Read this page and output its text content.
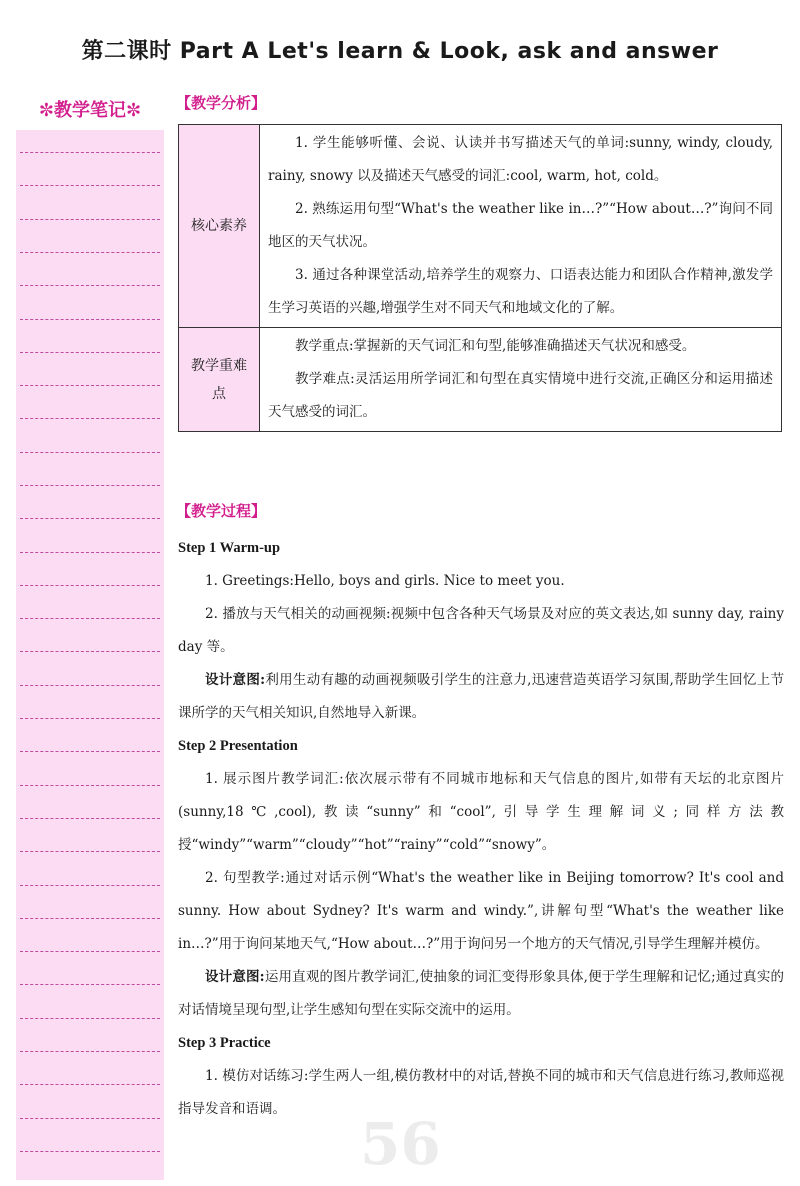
第二课时 Part A Let's learn & Look, ask and answer
✼教学笔记✼	【教学分析】
核心素养	1. 学生能够听懂、会说、认读并书写描述天气的单词:sunny, windy, cloudy, rainy, snowy 以及描述天气感受的词汇:cool, warm, hot, cold。

2. 熟练运用句型“What's the weather like in…?”“How about…?”询问不同地区的天气状况。

3. 通过各种课堂活动,培养学生的观察力、口语表达能力和团队合作精神,激发学生学习英语的兴趣,增强学生对不同天气和地域文化的了解。

教学重难点	教学重点:掌握新的天气词汇和句型,能够准确描述天气状况和感受。

教学难点:灵活运用所学词汇和句型在真实情境中进行交流,正确区分和运用描述天气感受的词汇。

【教学过程】

Step 1 Warm-up

1. Greetings:Hello, boys and girls. Nice to meet you.

2. 播放与天气相关的动画视频:视频中包含各种天气场景及对应的英文表达,如 sunny day, rainy day 等。

设计意图:利用生动有趣的动画视频吸引学生的注意力,迅速营造英语学习氛围,帮助学生回忆上节课所学的天气相关知识,自然地导入新课。

Step 2 Presentation

1. 展示图片教学词汇:依次展示带有不同城市地标和天气信息的图片,如带有天坛的北京图片(sunny,18℃,cool),教读“sunny”和“cool”,引导学生理解词义;同样方法教授“windy”“warm”“cloudy”“hot”“rainy”“cold”“snowy”。

2. 句型教学:通过对话示例“What's the weather like in Beijing tomorrow? It's cool and sunny. How about Sydney? It's warm and windy.”,讲解句型“What's the weather like in…?”用于询问某地天气,“How about…?”用于询问另一个地方的天气情况,引导学生理解并模仿。

设计意图:运用直观的图片教学词汇,使抽象的词汇变得形象具体,便于学生理解和记忆;通过真实的对话情境呈现句型,让学生感知句型在实际交流中的运用。

Step 3 Practice

1. 模仿对话练习:学生两人一组,模仿教材中的对话,替换不同的城市和天气信息进行练习,教师巡视指导发音和语调。

56
